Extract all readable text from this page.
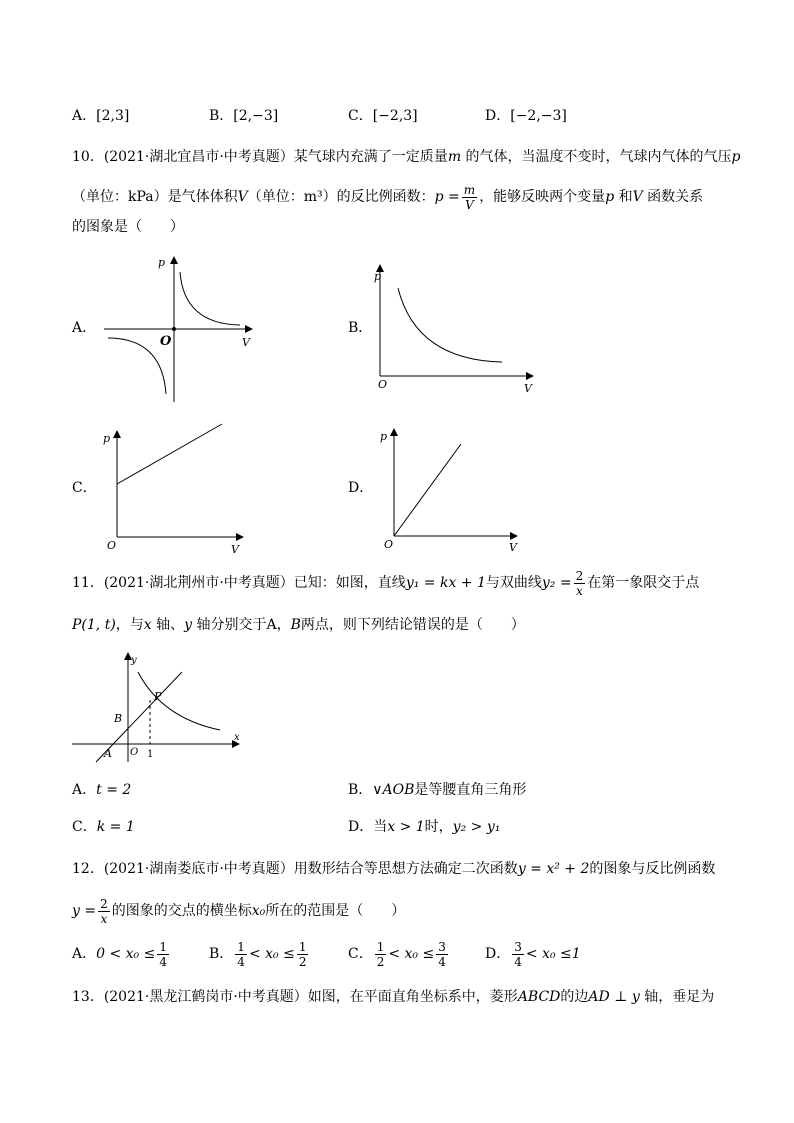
A．[2,3]	B．[2,−3]	C．[−2,3]	D．[−2,−3]
10．(2021·湖北宜昌市·中考真题）某气球内充满了一定质量m 的气体，当温度不变时，气球内气体的气压p
（单位：kPa）是气体体积V（单位：m³）的反比例函数：$p = \frac{m}{V}$ ，能够反映两个变量p 和V 函数关系
的图象是（　　）
A．	B．
C．	D．
p
V
O
p
V
O
p
V
O
p
V
O
11．(2021·湖北荆州市·中考真题）已知：如图，直线y₁ = kx + 1与双曲线$y_2 = \frac{2}{x}$ 在第一象限交于点
P(1, t)，与x 轴、y 轴分别交于A，B两点，则下列结论错误的是（　　）
y
x
P
B
A O 1
A．t = 2	B．∨AOB是等腰直角三角形
C．k = 1	D．当x > 1时，y₂ > y₁
12．(2021·湖南娄底市·中考真题）用数形结合等思想方法确定二次函数y = x² + 2的图象与反比例函数
$y = \frac{2}{x}$ 的图象的交点的横坐标x₀所在的范围是（　　）
A．$0 < x_0 \le \frac{1}{4}$	B． $\frac{1}{4} < x_0 \le \frac{1}{2}$	C． $\frac{1}{2} < x_0 \le \frac{3}{4}$	D． $\frac{3}{4} < x_0 \le 1$
13．(2021·黑龙江鹤岗市·中考真题）如图，在平面直角坐标系中，菱形ABCD的边AD ⊥ y 轴，垂足为
